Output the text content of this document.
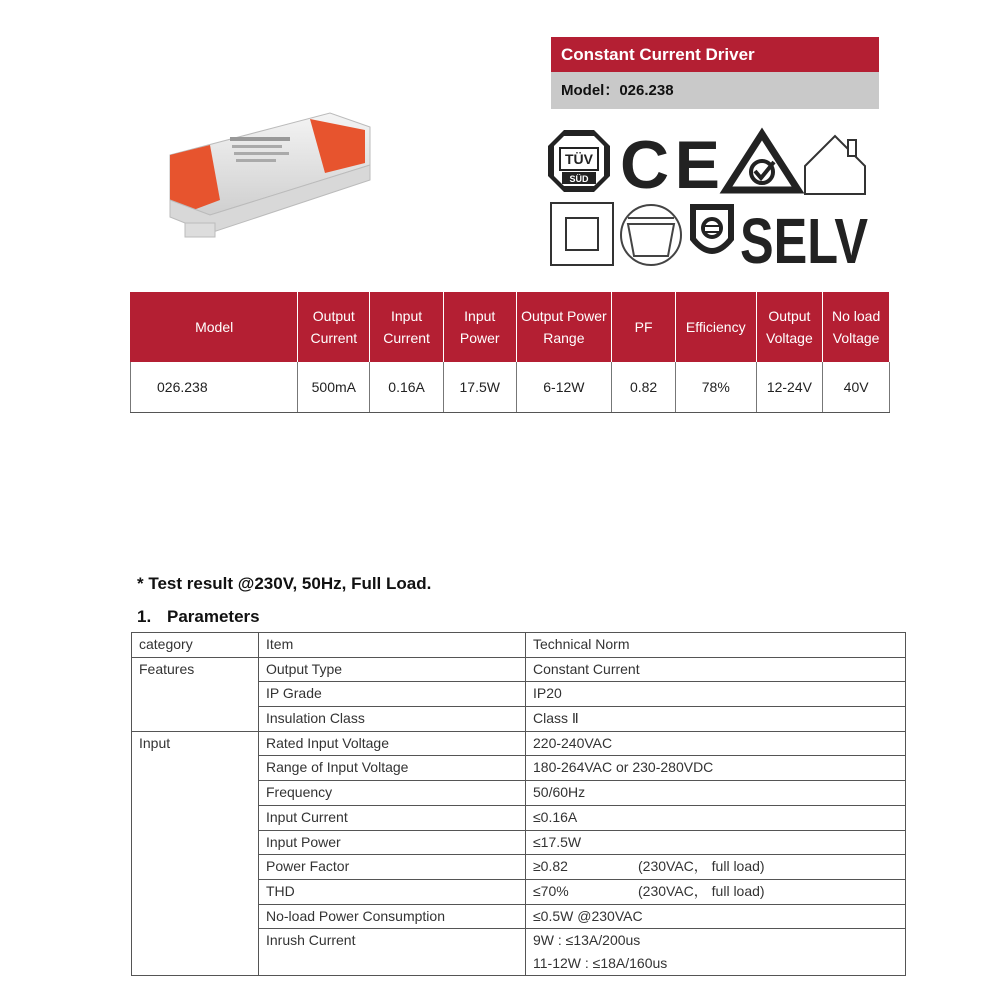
Constant Current Driver
Model：026.238
TÜV
SÜD CE
SELV
Model	Output Current	Input Current	Input Power	Output Power Range	PF	Efficiency	Output Voltage	No load Voltage
026.238	500mA	0.16A	17.5W	6-12W	0.82	78%	12-24V	40V
* Test result @230V, 50Hz, Full Load.
1. Parameters
category	Item	Technical Norm
Features	Output Type	Constant Current
	IP Grade	IP20
	Insulation Class	Class Ⅱ
Input	Rated Input Voltage	220-240VAC
	Range of Input Voltage	180-264VAC or 230-280VDC
	Frequency	50/60Hz
	Input Current	≤0.16A
	Input Power	≤17.5W
	Power Factor	≥0.82 (230VAC， full load)
	THD	≤70% (230VAC， full load)
	No-load Power Consumption	≤0.5W @230VAC
	Inrush Current	9W : ≤13A/200us
11-12W : ≤18A/160us
